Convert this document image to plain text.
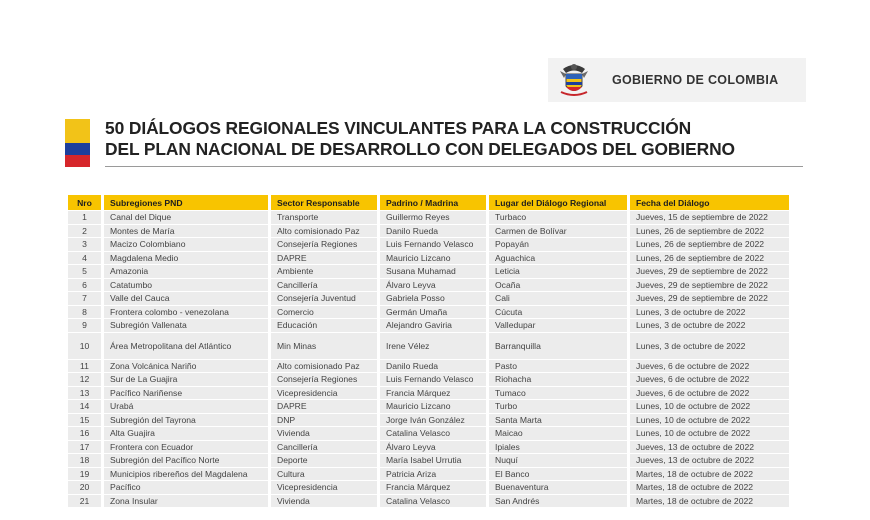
GOBIERNO DE COLOMBIA
50 DIÁLOGOS REGIONALES VINCULANTES PARA LA CONSTRUCCIÓN
DEL PLAN NACIONAL DE DESARROLLO CON DELEGADOS DEL GOBIERNO
Nro	Subregiones PND	Sector Responsable	Padrino / Madrina	Lugar del Diálogo Regional	Fecha del Diálogo
1	Canal del Dique	Transporte	Guillermo Reyes	Turbaco	Jueves, 15 de septiembre de 2022
2	Montes de María	Alto comisionado Paz	Danilo Rueda	Carmen de Bolívar	Lunes, 26 de septiembre de 2022
3	Macizo Colombiano	Consejería Regiones	Luis Fernando Velasco	Popayán	Lunes, 26 de septiembre de 2022
4	Magdalena Medio	DAPRE	Mauricio Lizcano	Aguachica	Lunes, 26 de septiembre de 2022
5	Amazonia	Ambiente	Susana Muhamad	Leticia	Jueves, 29 de septiembre de 2022
6	Catatumbo	Cancillería	Álvaro Leyva	Ocaña	Jueves, 29 de septiembre de 2022
7	Valle del Cauca	Consejería Juventud	Gabriela Posso	Cali	Jueves, 29 de septiembre de 2022
8	Frontera colombo - venezolana	Comercio	Germán Umaña	Cúcuta	Lunes, 3 de octubre de 2022
9	Subregión Vallenata	Educación	Alejandro Gaviria	Valledupar	Lunes, 3 de octubre de 2022
10	Área Metropolitana del Atlántico	Min Minas	Irene Vélez	Barranquilla	Lunes, 3 de octubre de 2022
11	Zona Volcánica Nariño	Alto comisionado Paz	Danilo Rueda	Pasto	Jueves, 6 de octubre de 2022
12	Sur de La Guajira	Consejería Regiones	Luis Fernando Velasco	Riohacha	Jueves, 6 de octubre de 2022
13	Pacífico Nariñense	Vicepresidencia	Francia Márquez	Tumaco	Jueves, 6 de octubre de 2022
14	Urabá	DAPRE	Mauricio Lizcano	Turbo	Lunes, 10 de octubre de 2022
15	Subregión del Tayrona	DNP	Jorge Iván González	Santa Marta	Lunes, 10 de octubre de 2022
16	Alta Guajira	Vivienda	Catalina Velasco	Maicao	Lunes, 10 de octubre de 2022
17	Frontera con Ecuador	Cancillería	Álvaro Leyva	Ipiales	Jueves, 13 de octubre de 2022
18	Subregión del Pacífico Norte	Deporte	María Isabel Urrutia	Nuquí	Jueves, 13 de octubre de 2022
19	Municipios ribereños del Magdalena	Cultura	Patricia Ariza	El Banco	Martes, 18 de octubre de 2022
20	Pacífico	Vicepresidencia	Francia Márquez	Buenaventura	Martes, 18 de octubre de 2022
21	Zona Insular	Vivienda	Catalina Velasco	San Andrés	Martes, 18 de octubre de 2022
